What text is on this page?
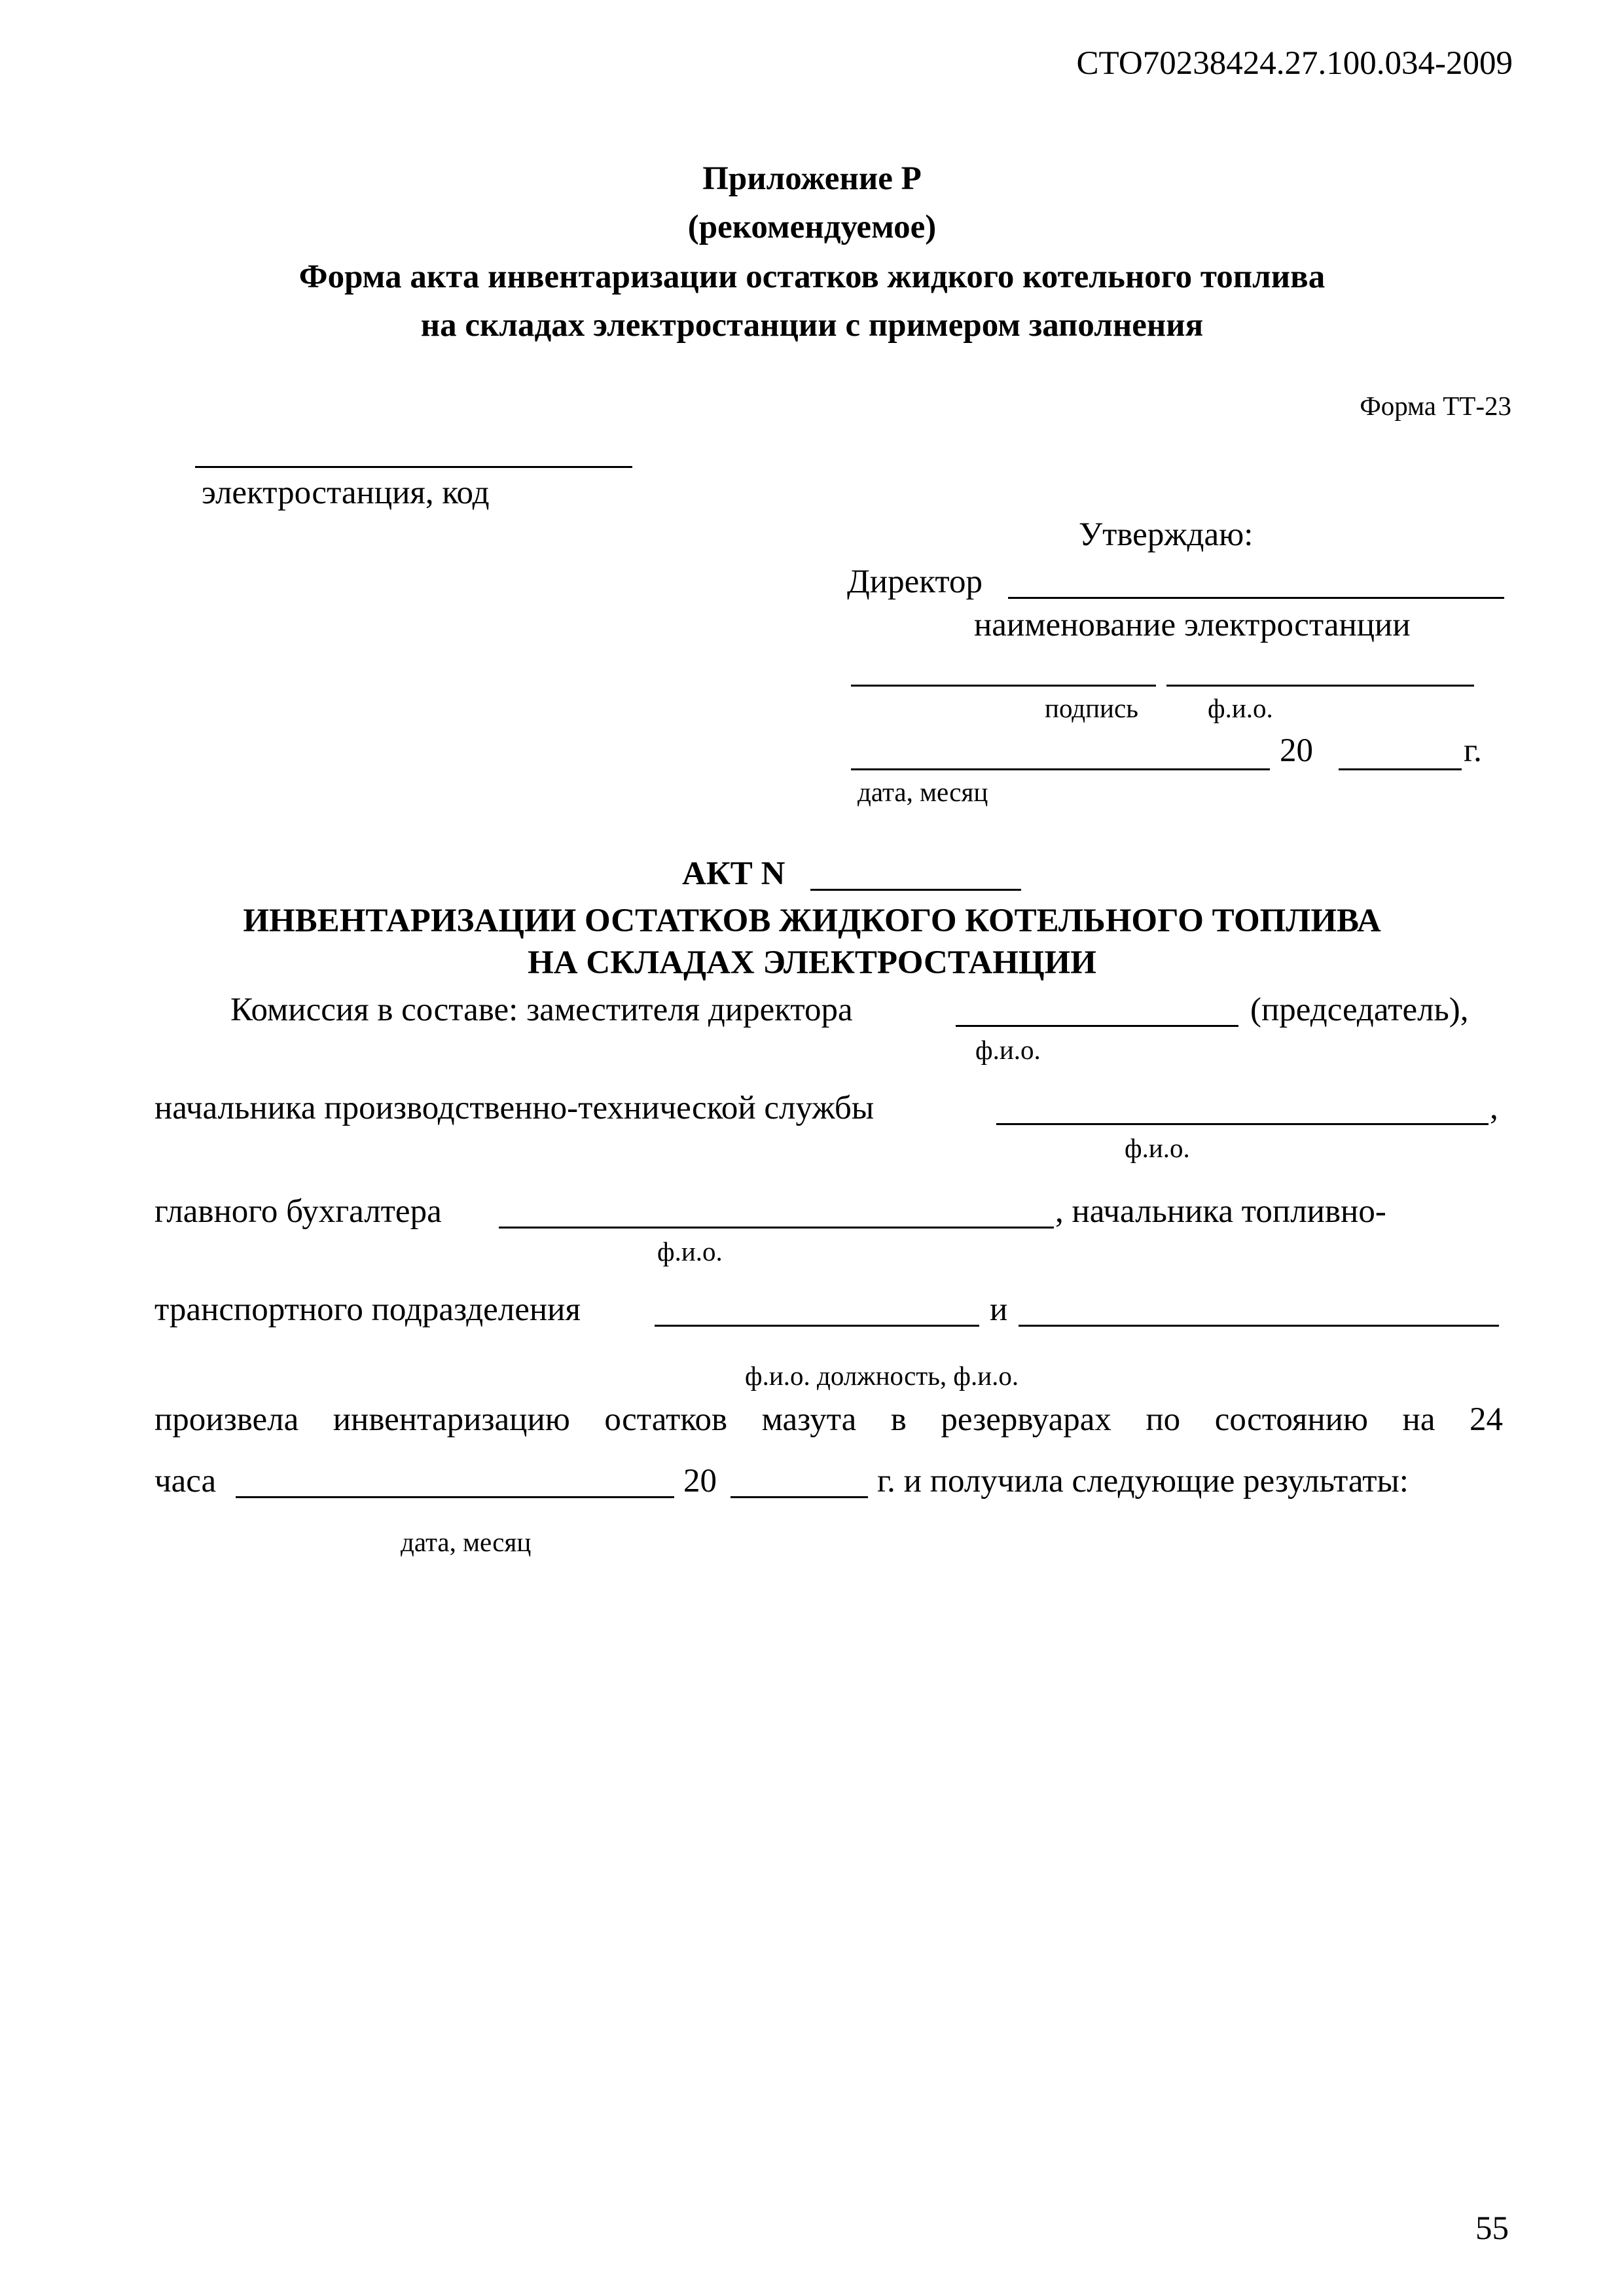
СТО70238424.27.100.034-2009
Приложение Р
(рекомендуемое)
Форма акта инвентаризации остатков жидкого котельного топлива
на складах электростанции с примером заполнения
Форма ТТ-23
электростанция, код
Утверждаю:
Директор
наименование электростанции
подпись	ф.и.о.
20	г.
дата, месяц
АКТ N
ИНВЕНТАРИЗАЦИИ ОСТАТКОВ ЖИДКОГО КОТЕЛЬНОГО ТОПЛИВА
НА СКЛАДАХ ЭЛЕКТРОСТАНЦИИ
Комиссия в составе: заместителя директора	(председатель),
ф.и.о.
начальника производственно-технической службы	,
ф.и.о.
главного бухгалтера	, начальника топливно-
ф.и.о.
транспортного подразделения	и
ф.и.о. должность, ф.и.о.
произвела инвентаризацию остатков мазута в резервуарах по состоянию на 24
часа	20	г. и получила следующие результаты:
дата, месяц
55
